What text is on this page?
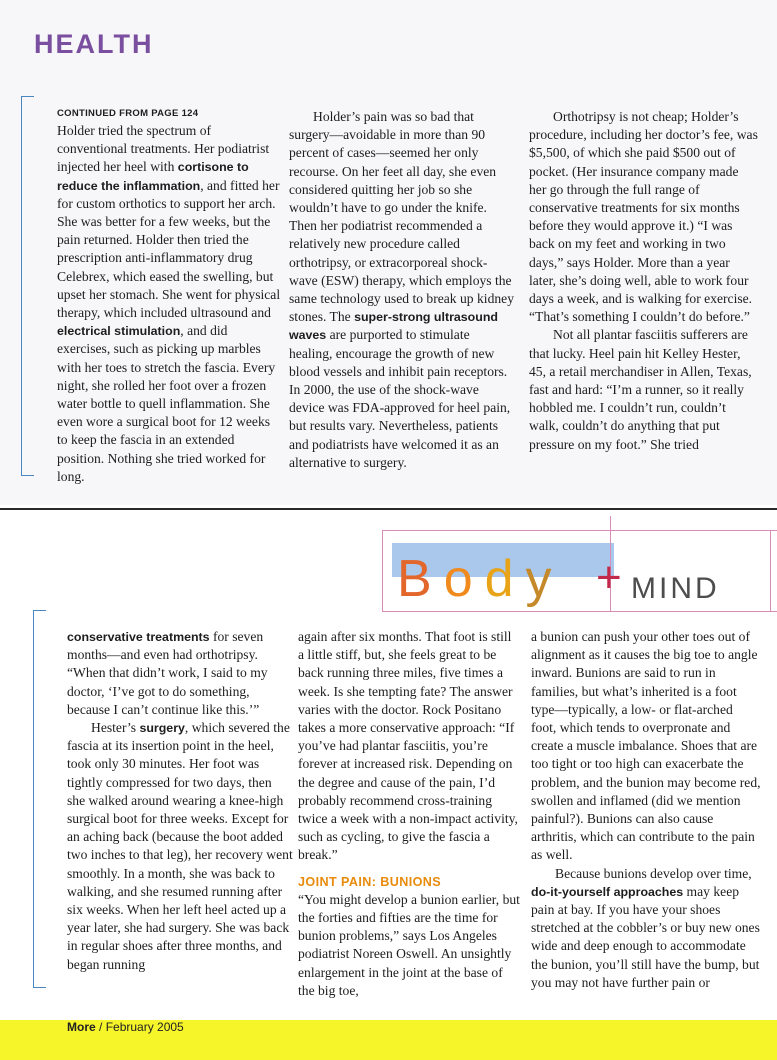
HEALTH

CONTINUED FROM PAGE 124

Holder tried the spectrum of conventional treatments. Her podiatrist injected her heel with cortisone to reduce the inflammation, and fitted her for custom orthotics to support her arch. She was better for a few weeks, but the pain returned. Holder then tried the prescription anti-inflammatory drug Celebrex, which eased the swelling, but upset her stomach. She went for physical therapy, which included ultrasound and electrical stimulation, and did exercises, such as picking up marbles with her toes to stretch the fascia. Every night, she rolled her foot over a frozen water bottle to quell inflammation. She even wore a surgical boot for 12 weeks to keep the fascia in an extended position. Nothing she tried worked for long.

Holder’s pain was so bad that surgery—avoidable in more than 90 percent of cases—seemed her only recourse. On her feet all day, she even considered quitting her job so she wouldn’t have to go under the knife. Then her podiatrist recommended a relatively new procedure called orthotripsy, or extracorporeal shock-wave (ESW) therapy, which employs the same technology used to break up kidney stones. The super-strong ultrasound waves are purported to stimulate healing, encourage the growth of new blood vessels and inhibit pain receptors. In 2000, the use of the shock-wave device was FDA-approved for heel pain, but results vary. Nevertheless, patients and podiatrists have welcomed it as an alternative to surgery.

Orthotripsy is not cheap; Holder’s procedure, including her doctor’s fee, was $5,500, of which she paid $500 out of pocket. (Her insurance company made her go through the full range of conservative treatments for six months before they would approve it.) “I was back on my feet and working in two days,” says Holder. More than a year later, she’s doing well, able to work four days a week, and is walking for exercise. “That’s something I couldn’t do before.”

Not all plantar fasciitis sufferers are that lucky. Heel pain hit Kelley Hester, 45, a retail merchandiser in Allen, Texas, fast and hard: “I’m a runner, so it really hobbled me. I couldn’t run, couldn’t walk, couldn’t do anything that put pressure on my foot.” She tried

Body + MIND

conservative treatments for seven months—and even had orthotripsy. “When that didn’t work, I said to my doctor, ‘I’ve got to do something, because I can’t continue like this.’”

Hester’s surgery, which severed the fascia at its insertion point in the heel, took only 30 minutes. Her foot was tightly compressed for two days, then she walked around wearing a knee-high surgical boot for three weeks. Except for an aching back (because the boot added two inches to that leg), her recovery went smoothly. In a month, she was back to walking, and she resumed running after six weeks. When her left heel acted up a year later, she had surgery. She was back in regular shoes after three months, and began running

again after six months. That foot is still a little stiff, but, she feels great to be back running three miles, five times a week. Is she tempting fate? The answer varies with the doctor. Rock Positano takes a more conservative approach: “If you’ve had plantar fasciitis, you’re forever at increased risk. Depending on the degree and cause of the pain, I’d probably recommend cross-training twice a week with a non-impact activity, such as cycling, to give the fascia a break.”

JOINT PAIN: BUNIONS

“You might develop a bunion earlier, but the forties and fifties are the time for bunion problems,” says Los Angeles podiatrist Noreen Oswell. An unsightly enlargement in the joint at the base of the big toe,

a bunion can push your other toes out of alignment as it causes the big toe to angle inward. Bunions are said to run in families, but what’s inherited is a foot type—typically, a low- or flat-arched foot, which tends to overpronate and create a muscle imbalance. Shoes that are too tight or too high can exacerbate the problem, and the bunion may become red, swollen and inflamed (did we mention painful?). Bunions can also cause arthritis, which can contribute to the pain as well.

Because bunions develop over time, do-it-yourself approaches may keep pain at bay. If you have your shoes stretched at the cobbler’s or buy new ones wide and deep enough to accommodate the bunion, you’ll still have the bump, but you may not have further pain or

More / February 2005
